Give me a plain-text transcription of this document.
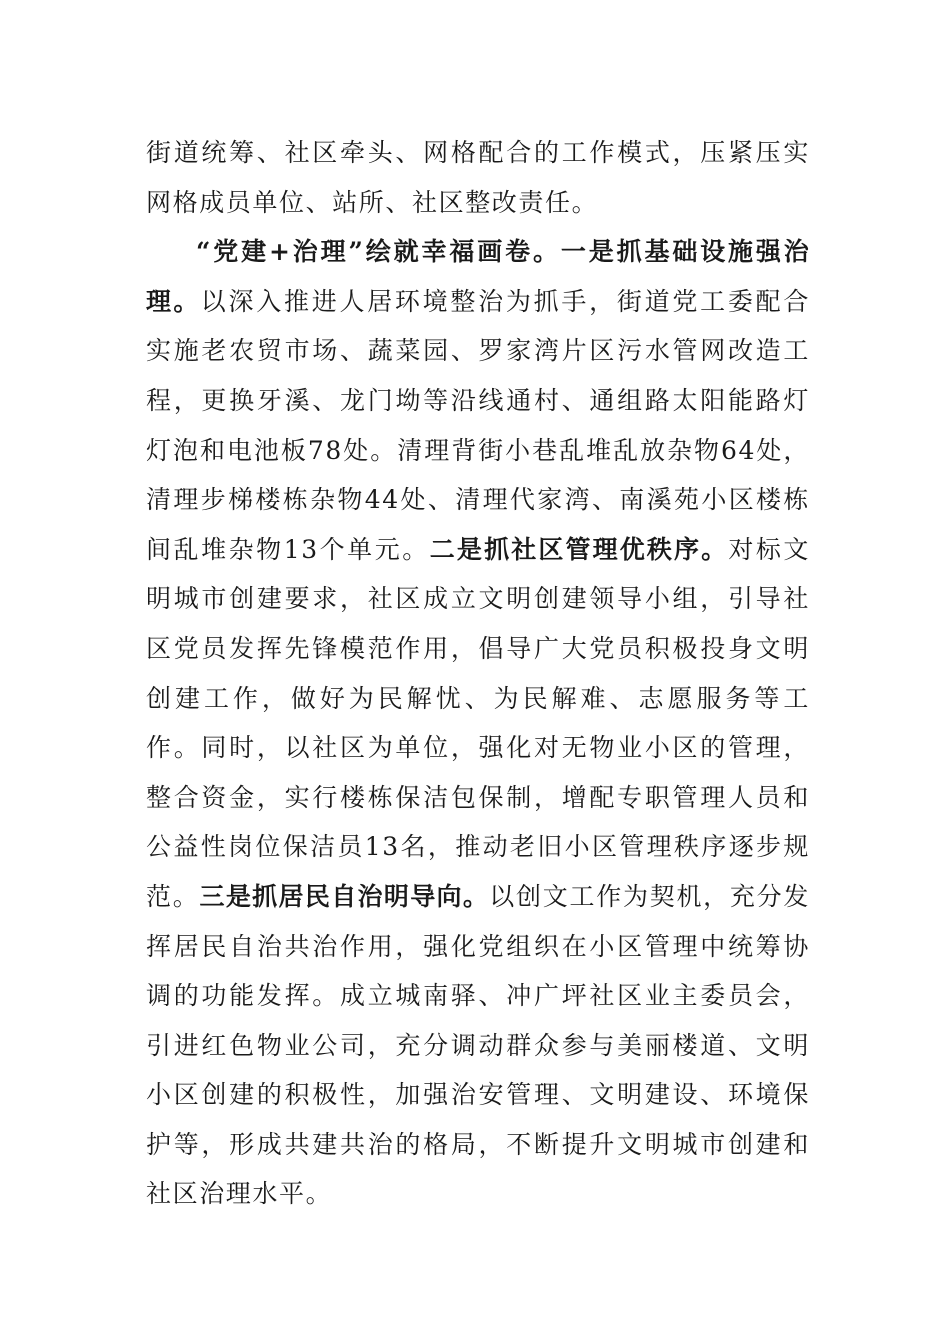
街道统筹、社区牵头、网格配合的工作模式，压紧压实网格成员单位、站所、社区整改责任。

“党建+治理”绘就幸福画卷。一是抓基础设施强治理。以深入推进人居环境整治为抓手，街道党工委配合实施老农贸市场、蔬菜园、罗家湾片区污水管网改造工程，更换牙溪、龙门坳等沿线通村、通组路太阳能路灯灯泡和电池板78处。清理背街小巷乱堆乱放杂物64处，清理步梯楼栋杂物44处、清理代家湾、南溪苑小区楼栋间乱堆杂物13个单元。二是抓社区管理优秩序。对标文明城市创建要求，社区成立文明创建领导小组，引导社区党员发挥先锋模范作用，倡导广大党员积极投身文明创建工作，做好为民解忧、为民解难、志愿服务等工作。同时，以社区为单位，强化对无物业小区的管理，整合资金，实行楼栋保洁包保制，增配专职管理人员和公益性岗位保洁员13名，推动老旧小区管理秩序逐步规范。三是抓居民自治明导向。以创文工作为契机，充分发挥居民自治共治作用，强化党组织在小区管理中统筹协调的功能发挥。成立城南驿、冲广坪社区业主委员会，引进红色物业公司，充分调动群众参与美丽楼道、文明小区创建的积极性，加强治安管理、文明建设、环境保护等，形成共建共治的格局，不断提升文明城市创建和社区治理水平。
